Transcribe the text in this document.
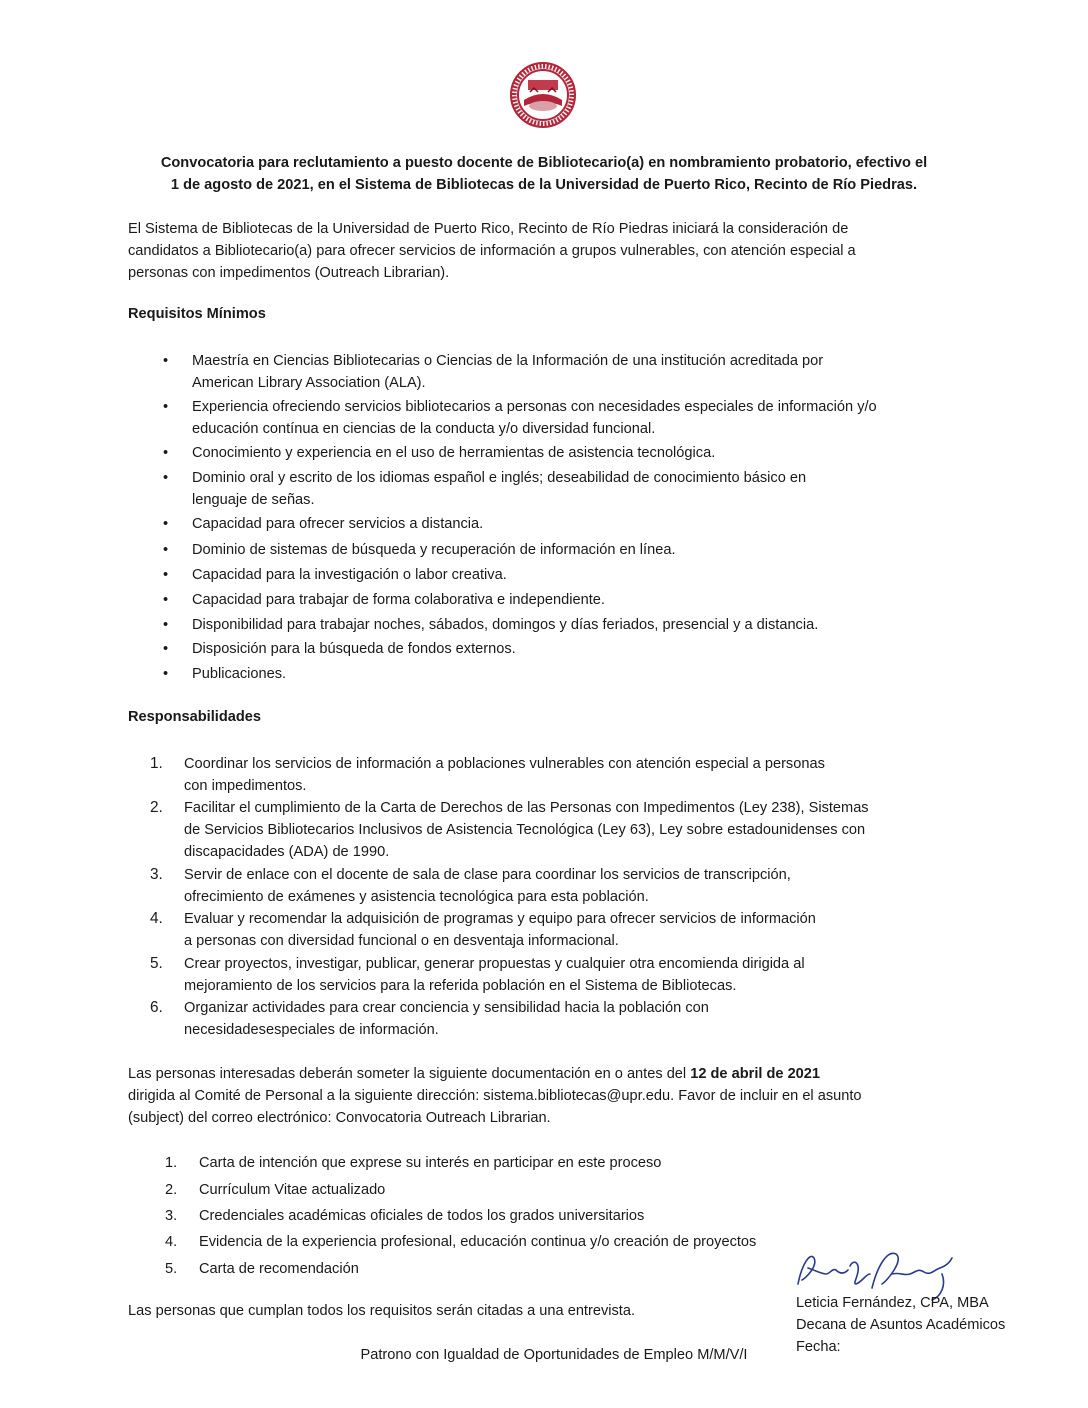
Convocatoria para reclutamiento a puesto docente de Bibliotecario(a) en nombramiento probatorio, efectivo el
1 de agosto de 2021, en el Sistema de Bibliotecas de la Universidad de Puerto Rico, Recinto de Río Piedras.
El Sistema de Bibliotecas de la Universidad de Puerto Rico, Recinto de Río Piedras iniciará la consideración de
candidatos a Bibliotecario(a) para ofrecer servicios de información a grupos vulnerables, con atención especial a
personas con impedimentos (Outreach Librarian).
Requisitos Mínimos
• Maestría en Ciencias Bibliotecarias o Ciencias de la Información de una institución acreditada por
American Library Association (ALA).
• Experiencia ofreciendo servicios bibliotecarios a personas con necesidades especiales de información y/o
educación contínua en ciencias de la conducta y/o diversidad funcional.
• Conocimiento y experiencia en el uso de herramientas de asistencia tecnológica.
• Dominio oral y escrito de los idiomas español e inglés; deseabilidad de conocimiento básico en
lenguaje de señas.
• Capacidad para ofrecer servicios a distancia.
• Dominio de sistemas de búsqueda y recuperación de información en línea.
• Capacidad para la investigación o labor creativa.
• Capacidad para trabajar de forma colaborativa e independiente.
• Disponibilidad para trabajar noches, sábados, domingos y días feriados, presencial y a distancia.
• Disposición para la búsqueda de fondos externos.
• Publicaciones.
Responsabilidades
1. Coordinar los servicios de información a poblaciones vulnerables con atención especial a personas
con impedimentos.
2. Facilitar el cumplimiento de la Carta de Derechos de las Personas con Impedimentos (Ley 238), Sistemas
de Servicios Bibliotecarios Inclusivos de Asistencia Tecnológica (Ley 63), Ley sobre estadounidenses con
discapacidades (ADA) de 1990.
3. Servir de enlace con el docente de sala de clase para coordinar los servicios de transcripción,
ofrecimiento de exámenes y asistencia tecnológica para esta población.
4. Evaluar y recomendar la adquisición de programas y equipo para ofrecer servicios de información
a personas con diversidad funcional o en desventaja informacional.
5. Crear proyectos, investigar, publicar, generar propuestas y cualquier otra encomienda dirigida al
mejoramiento de los servicios para la referida población en el Sistema de Bibliotecas.
6. Organizar actividades para crear conciencia y sensibilidad hacia la población con
necesidadesespeciales de información.
Las personas interesadas deberán someter la siguiente documentación en o antes del 12 de abril de 2021
dirigida al Comité de Personal a la siguiente dirección: sistema.bibliotecas@upr.edu. Favor de incluir en el asunto
(subject) del correo electrónico: Convocatoria Outreach Librarian.
1. Carta de intención que exprese su interés en participar en este proceso
2. Currículum Vitae actualizado
3. Credenciales académicas oficiales de todos los grados universitarios
4. Evidencia de la experiencia profesional, educación continua y/o creación de proyectos
5. Carta de recomendación
Las personas que cumplan todos los requisitos serán citadas a una entrevista.	Leticia Fernández, CPA, MBA
Decana de Asuntos Académicos
Fecha:
Patrono con Igualdad de Oportunidades de Empleo M/M/V/I
